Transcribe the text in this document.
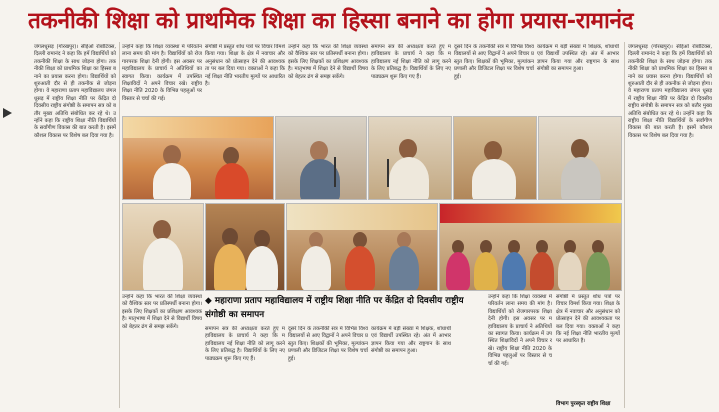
तकनीकी शिक्षा को प्राथमिक शिक्षा का हिस्सा बनाने का होगा प्रयास-रामानंद

जंगलधूसड़ (गोरखपुर)। सीईओ रोबोटिक्स, दिल्ली रामानंद ने कहा कि हमें विद्यार्थियों को तकनीकी शिक्षा के साथ जोड़ना होगा। तकनीकी शिक्षा को प्राथमिक शिक्षा का हिस्सा बनाने का प्रयास करना होगा। विद्यार्थियों को शुरुआती दौर से ही तकनीक से जोड़ना होगा। वे महाराणा प्रताप महाविद्यालय जंगल धूसड़ में राष्ट्रीय शिक्षा नीति पर केंद्रित दो दिवसीय राष्ट्रीय संगोष्ठी के समापन सत्र को बतौर मुख्य अतिथि संबोधित कर रहे थे। उन्होंने कहा कि राष्ट्रीय शिक्षा नीति विद्यार्थियों के सर्वांगीण विकास की बात करती है। इसमें कौशल विकास पर विशेष बल दिया गया है।

उन्होंने कहा कि शिक्षा व्यवस्था में परिवर्तन लाना समय की मांग है। विद्यार्थियों को रोजगारपरक शिक्षा देनी होगी। इस अवसर पर महाविद्यालय के प्राचार्य ने अतिथियों का स्वागत किया। कार्यक्रम में उपस्थित शिक्षाविदों ने अपने विचार रखे। राष्ट्रीय शिक्षा नीति 2020 के विभिन्न पहलुओं पर विस्तार से चर्चा की गई।

संगोष्ठी में प्रस्तुत शोध पत्रों पर विचार विमर्श किया गया। शिक्षा के क्षेत्र में नवाचार और अनुसंधान को प्रोत्साहन देने की आवश्यकता पर बल दिया गया। वक्ताओं ने कहा कि नई शिक्षा नीति भारतीय मूल्यों पर आधारित है।

उन्होंने कहा कि भारत की शिक्षा व्यवस्था को वैश्विक स्तर पर प्रतिस्पर्धी बनाना होगा। इसके लिए शिक्षकों का प्रशिक्षण आवश्यक है। मातृभाषा में शिक्षा देने से विद्यार्थी विषय को बेहतर ढंग से समझ सकेंगे।

समापन सत्र की अध्यक्षता करते हुए महाविद्यालय के प्राचार्य ने कहा कि महाविद्यालय नई शिक्षा नीति को लागू करने के लिए प्रतिबद्ध है। विद्यार्थियों के लिए नए पाठ्यक्रम शुरू किए गए हैं।

दूसरे दिन के तकनीकी सत्र में विभिन्न विश्वविद्यालयों से आए विद्वानों ने अपने विचार प्रस्तुत किए। शिक्षकों की भूमिका, मूल्यांकन प्रणाली और डिजिटल शिक्षा पर विशेष चर्चा हुई।

कार्यक्रम में बड़ी संख्या में शिक्षक, शोधार्थी एवं विद्यार्थी उपस्थित रहे। अंत में आभार ज्ञापन किया गया और राष्ट्रगान के साथ संगोष्ठी का समापन हुआ।

जंगलधूसड़ (गोरखपुर)। सीईओ रोबोटिक्स, दिल्ली रामानंद ने कहा कि हमें विद्यार्थियों को तकनीकी शिक्षा के साथ जोड़ना होगा। तकनीकी शिक्षा को प्राथमिक शिक्षा का हिस्सा बनाने का प्रयास करना होगा। विद्यार्थियों को शुरुआती दौर से ही तकनीक से जोड़ना होगा। वे महाराणा प्रताप महाविद्यालय जंगल धूसड़ में राष्ट्रीय शिक्षा नीति पर केंद्रित दो दिवसीय राष्ट्रीय संगोष्ठी के समापन सत्र को बतौर मुख्य अतिथि संबोधित कर रहे थे। उन्होंने कहा कि राष्ट्रीय शिक्षा नीति विद्यार्थियों के सर्वांगीण विकास की बात करती है। इसमें कौशल विकास पर विशेष बल दिया गया है।

◆ महाराणा प्रताप महाविद्यालय में राष्ट्रीय शिक्षा नीति पर केंद्रित दो दिवसीय राष्ट्रीय संगोष्ठी का समापन

उन्होंने कहा कि भारत की शिक्षा व्यवस्था को वैश्विक स्तर पर प्रतिस्पर्धी बनाना होगा। इसके लिए शिक्षकों का प्रशिक्षण आवश्यक है। मातृभाषा में शिक्षा देने से विद्यार्थी विषय को बेहतर ढंग से समझ सकेंगे।	समापन सत्र की अध्यक्षता करते हुए महाविद्यालय के प्राचार्य ने कहा कि महाविद्यालय नई शिक्षा नीति को लागू करने के लिए प्रतिबद्ध है। विद्यार्थियों के लिए नए पाठ्यक्रम शुरू किए गए हैं।

दूसरे दिन के तकनीकी सत्र में विभिन्न विश्वविद्यालयों से आए विद्वानों ने अपने विचार प्रस्तुत किए। शिक्षकों की भूमिका, मूल्यांकन प्रणाली और डिजिटल शिक्षा पर विशेष चर्चा हुई।

कार्यक्रम में बड़ी संख्या में शिक्षक, शोधार्थी एवं विद्यार्थी उपस्थित रहे। अंत में आभार ज्ञापन किया गया और राष्ट्रगान के साथ संगोष्ठी का समापन हुआ।

उन्होंने कहा कि शिक्षा व्यवस्था में परिवर्तन लाना समय की मांग है। विद्यार्थियों को रोजगारपरक शिक्षा देनी होगी। इस अवसर पर महाविद्यालय के प्राचार्य ने अतिथियों का स्वागत किया। कार्यक्रम में उपस्थित शिक्षाविदों ने अपने विचार रखे। राष्ट्रीय शिक्षा नीति 2020 के विभिन्न पहलुओं पर विस्तार से चर्चा की गई।

संगोष्ठी में प्रस्तुत शोध पत्रों पर विचार विमर्श किया गया। शिक्षा के क्षेत्र में नवाचार और अनुसंधान को प्रोत्साहन देने की आवश्यकता पर बल दिया गया। वक्ताओं ने कहा कि नई शिक्षा नीति भारतीय मूल्यों पर आधारित है।

विभाग पुरस्कृत राष्ट्रीय शिक्षा
